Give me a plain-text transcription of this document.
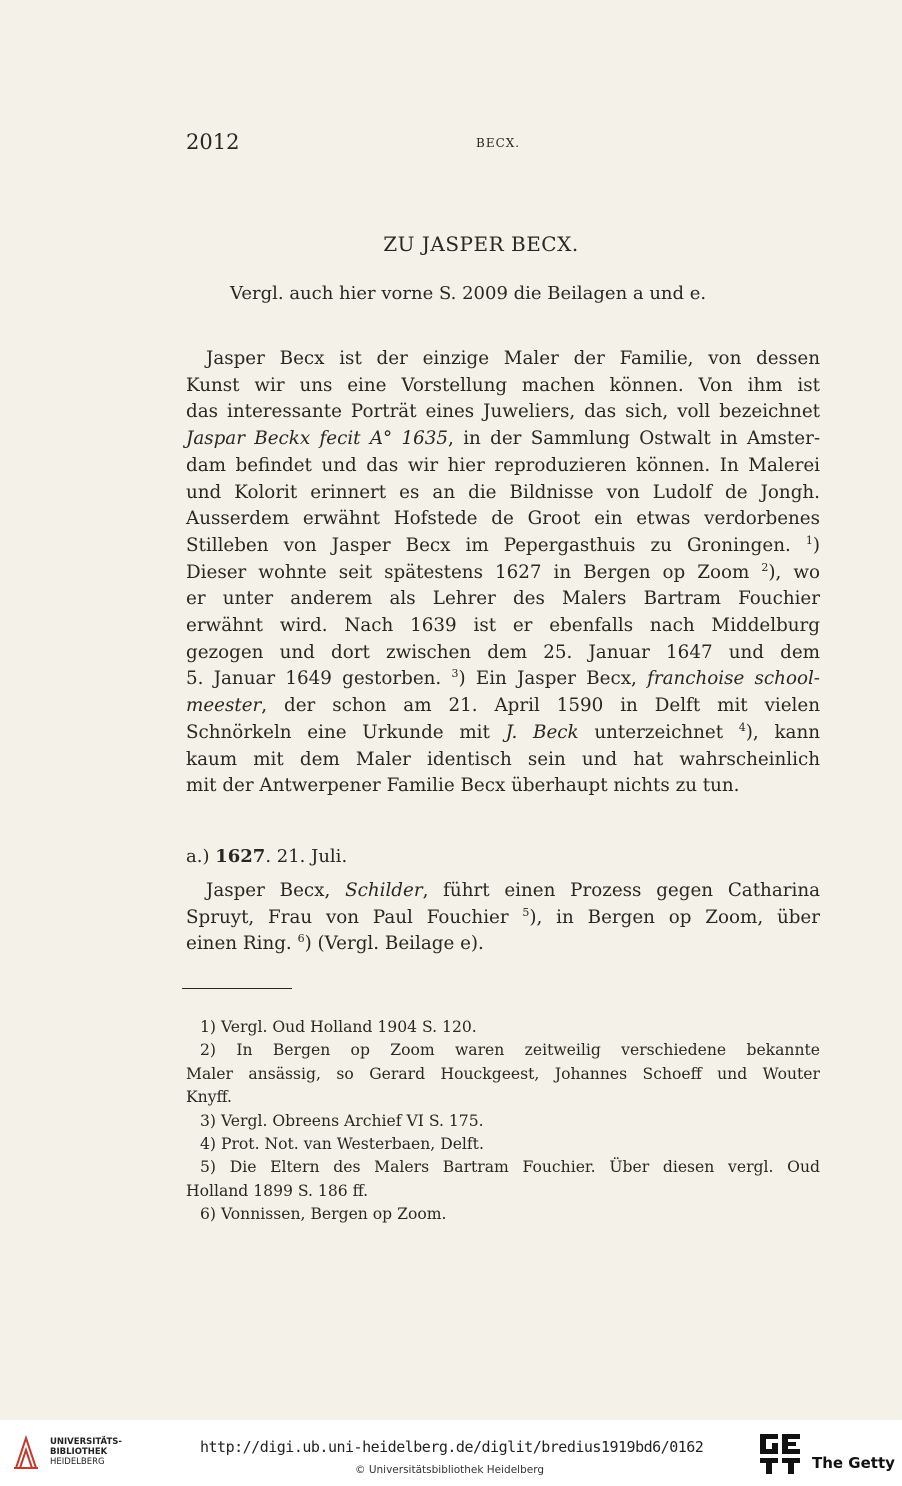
2012	BECX.
ZU JASPER BECX.
Vergl. auch hier vorne S. 2009 die Beilagen a und e.
Jasper Becx ist der einzige Maler der Familie, von dessen
Kunst wir uns eine Vorstellung machen können. Von ihm ist
das interessante Porträt eines Juweliers, das sich, voll bezeichnet
Jaspar Beckx fecit A° 1635, in der Sammlung Ostwalt in Amster-
dam befindet und das wir hier reproduzieren können. In Malerei
und Kolorit erinnert es an die Bildnisse von Ludolf de Jongh.
Ausserdem erwähnt Hofstede de Groot ein etwas verdorbenes
Stilleben von Jasper Becx im Pepergasthuis zu Groningen. $^1$)
Dieser wohnte seit spätestens 1627 in Bergen op Zoom $^2$), wo
er unter anderem als Lehrer des Malers Bartram Fouchier
erwähnt wird. Nach 1639 ist er ebenfalls nach Middelburg
gezogen und dort zwischen dem 25. Januar 1647 und dem
5. Januar 1649 gestorben. $^3$) Ein Jasper Becx, franchoise school-
meester, der schon am 21. April 1590 in Delft mit vielen
Schnörkeln eine Urkunde mit J. Beck unterzeichnet $^4$), kann
kaum mit dem Maler identisch sein und hat wahrscheinlich
mit der Antwerpener Familie Becx überhaupt nichts zu tun.
a.) 1627. 21. Juli.
Jasper Becx, Schilder, führt einen Prozess gegen Catharina
Spruyt, Frau von Paul Fouchier $^5$), in Bergen op Zoom, über
einen Ring. $^6$) (Vergl. Beilage e).
1) Vergl. Oud Holland 1904 S. 120.
2) In Bergen op Zoom waren zeitweilig verschiedene bekannte
Maler ansässig, so Gerard Houckgeest, Johannes Schoeff und Wouter
Knyff.
3) Vergl. Obreens Archief VI S. 175.
4) Prot. Not. van Westerbaen, Delft.
5) Die Eltern des Malers Bartram Fouchier. Über diesen vergl. Oud
Holland 1899 S. 186 ff.
6) Vonnissen, Bergen op Zoom.
UNIVERSITÄTS-
BIBLIOTHEK
HEIDELBERG
http://digi.ub.uni-heidelberg.de/diglit/bredius1919bd6/0162
© Universitätsbibliothek Heidelberg	The Getty
